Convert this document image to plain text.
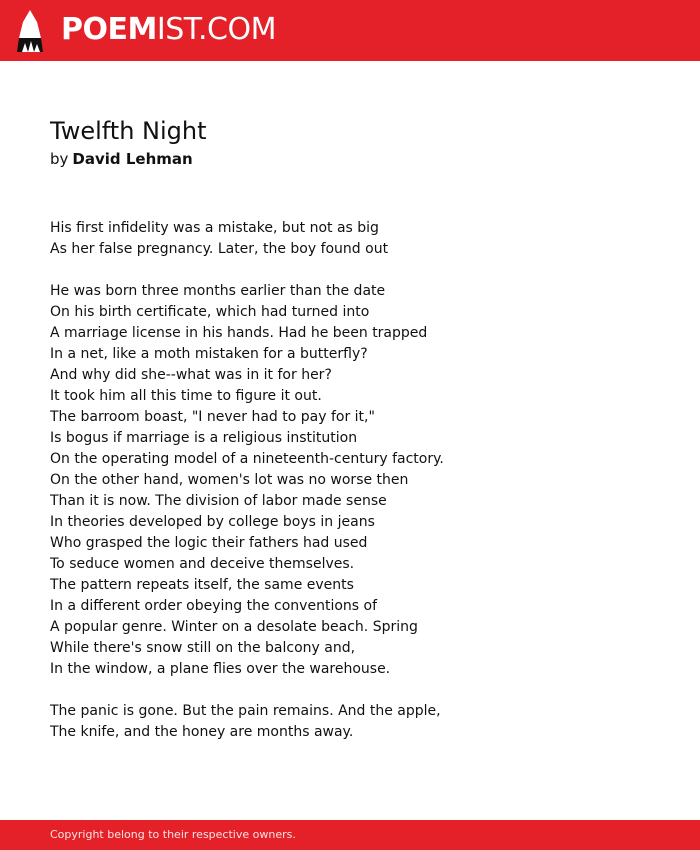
POEMIST.COM
Twelfth Night
by David Lehman
His first infidelity was a mistake, but not as big
As her false pregnancy. Later, the boy found out
He was born three months earlier than the date
On his birth certificate, which had turned into
A marriage license in his hands. Had he been trapped
In a net, like a moth mistaken for a butterfly?
And why did she--what was in it for her?
It took him all this time to figure it out.
The barroom boast, "I never had to pay for it,"
Is bogus if marriage is a religious institution
On the operating model of a nineteenth-century factory.
On the other hand, women's lot was no worse then
Than it is now. The division of labor made sense
In theories developed by college boys in jeans
Who grasped the logic their fathers had used
To seduce women and deceive themselves.
The pattern repeats itself, the same events
In a different order obeying the conventions of
A popular genre. Winter on a desolate beach. Spring
While there's snow still on the balcony and,
In the window, a plane flies over the warehouse.
The panic is gone. But the pain remains. And the apple,
The knife, and the honey are months away.
Copyright belong to their respective owners.
